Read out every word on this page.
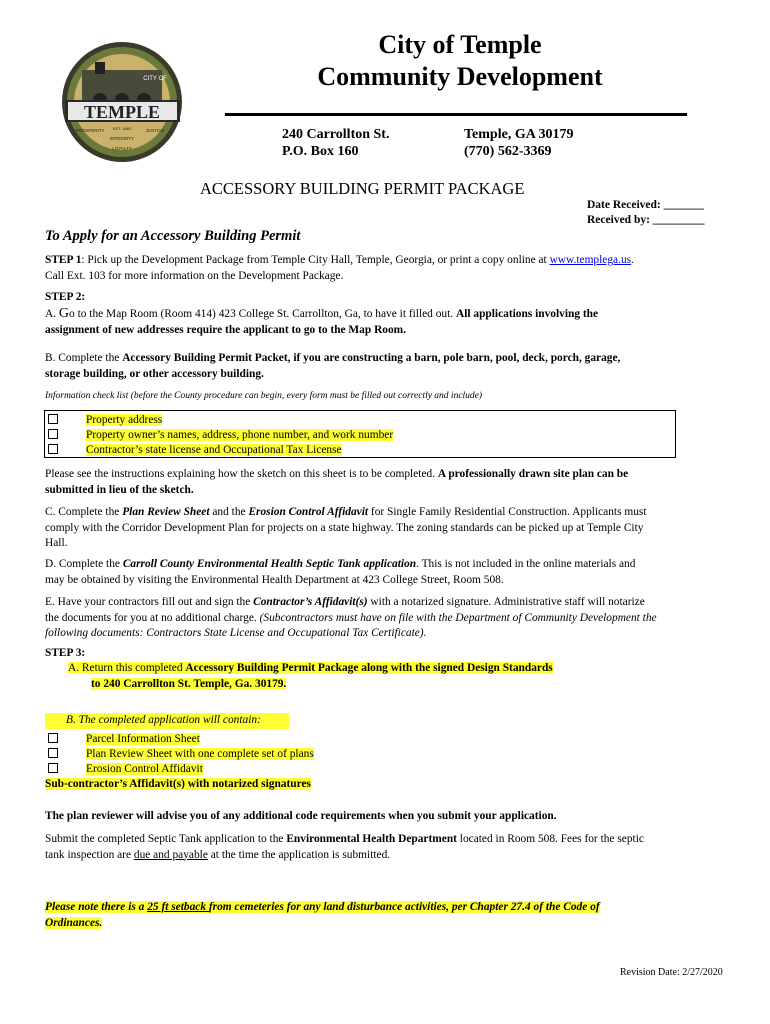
TEMPLE
CITY OF
EST. 1883
PROSPERITY	JUSTICE
INTEGRITY
LOYALTY
City of Temple
Community Development
240 Carrollton St.
P.O. Box 160
Temple, GA 30179
(770) 562-3369
ACCESSORY BUILDING PERMIT PACKAGE
Date Received: _______
Received by: _________
To Apply for an Accessory Building Permit
STEP 1: Pick up the Development Package from Temple City Hall, Temple, Georgia, or print a copy online at www.templega.us.
Call Ext. 103 for more information on the Development Package.
STEP 2:
A. Go to the Map Room (Room 414) 423 College St. Carrollton, Ga, to have it filled out. All applications involving the
assignment of new addresses require the applicant to go to the Map Room.
B. Complete the Accessory Building Permit Packet, if you are constructing a barn, pole barn, pool, deck, porch, garage,
storage building, or other accessory building.
Information check list (before the County procedure can begin, every form must be filled out correctly and include)
Property address
Property owner’s names, address, phone number, and work number
Contractor’s state license and Occupational Tax License
Please see the instructions explaining how the sketch on this sheet is to be completed. A professionally drawn site plan can be
submitted in lieu of the sketch.
C. Complete the Plan Review Sheet and the Erosion Control Affidavit for Single Family Residential Construction. Applicants must
comply with the Corridor Development Plan for projects on a state highway. The zoning standards can be picked up at Temple City
Hall.
D. Complete the Carroll County Environmental Health Septic Tank application. This is not included in the online materials and
may be obtained by visiting the Environmental Health Department at 423 College Street, Room 508.
E. Have your contractors fill out and sign the Contractor’s Affidavit(s) with a notarized signature. Administrative staff will notarize
the documents for you at no additional charge. (Subcontractors must have on file with the Department of Community Development the
following documents: Contractors State License and Occupational Tax Certificate).
STEP 3:
A. Return this completed Accessory Building Permit Package along with the signed Design Standards
to 240 Carrollton St. Temple, Ga. 30179.
B. The completed application will contain:
Parcel Information Sheet
Plan Review Sheet with one complete set of plans
Erosion Control Affidavit
Sub-contractor’s Affidavit(s) with notarized signatures
The plan reviewer will advise you of any additional code requirements when you submit your application.
Submit the completed Septic Tank application to the Environmental Health Department located in Room 508. Fees for the septic
tank inspection are due and payable at the time the application is submitted.
Please note there is a 25 ft setback from cemeteries for any land disturbance activities, per Chapter 27.4 of the Code of
Ordinances.
Revision Date: 2/27/2020
